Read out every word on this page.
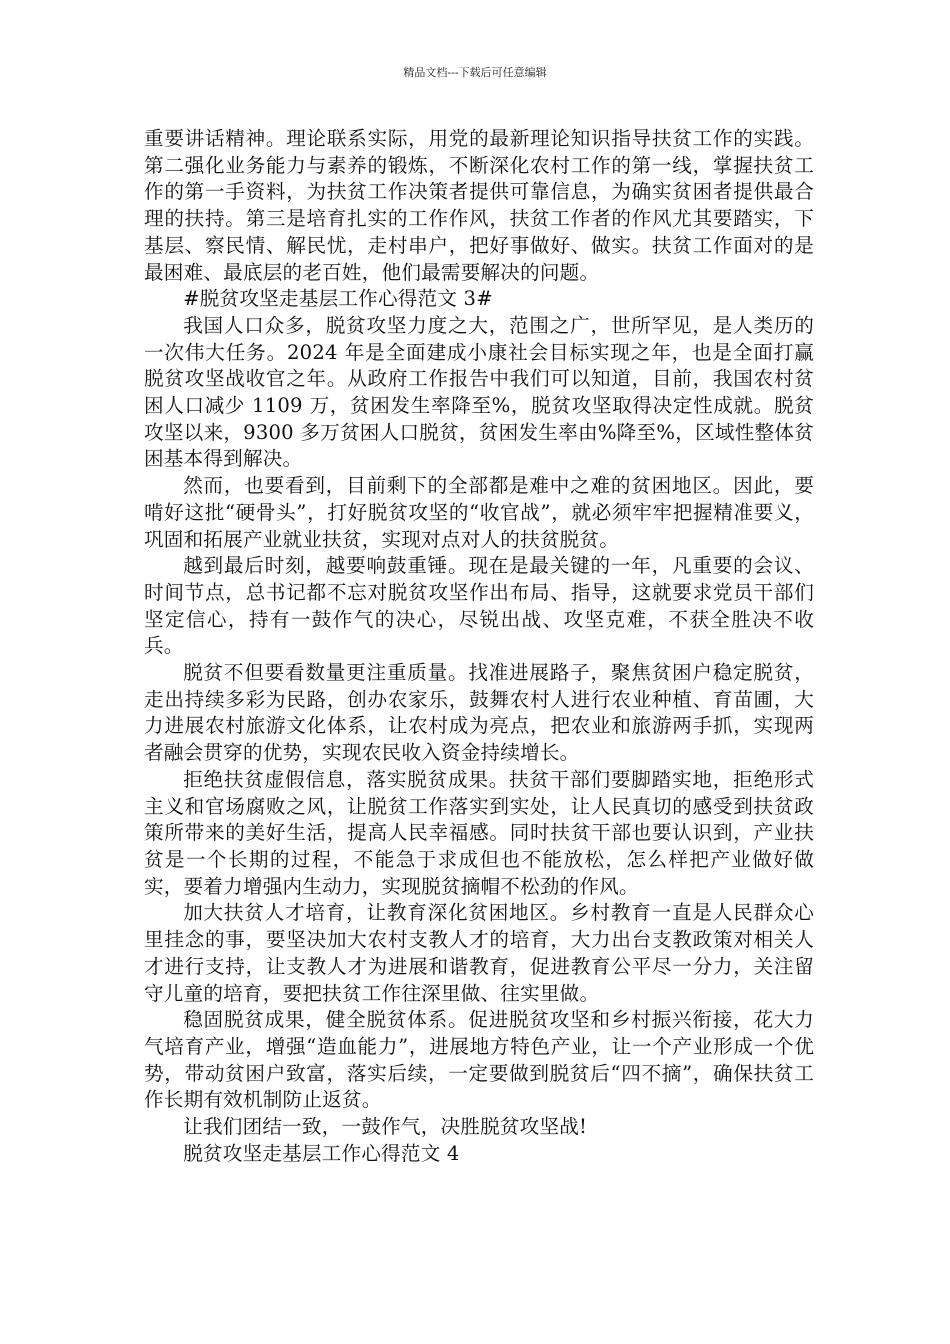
精品文档---下载后可任意编辑

重要讲话精神。理论联系实际，用党的最新理论知识指导扶贫工作的实践。第二强化业务能力与素养的锻炼，不断深化农村工作的第一线，掌握扶贫工作的第一手资料，为扶贫工作决策者提供可靠信息，为确实贫困者提供最合理的扶持。第三是培育扎实的工作作风，扶贫工作者的作风尤其要踏实，下基层、察民情、解民忧，走村串户，把好事做好、做实。扶贫工作面对的是最困难、最底层的老百姓，他们最需要解决的问题。

#脱贫攻坚走基层工作心得范文 3#

我国人口众多，脱贫攻坚力度之大，范围之广，世所罕见，是人类历的一次伟大任务。2024 年是全面建成小康社会目标实现之年，也是全面打赢脱贫攻坚战收官之年。从政府工作报告中我们可以知道，目前，我国农村贫困人口减少 1109 万，贫困发生率降至%，脱贫攻坚取得决定性成就。脱贫攻坚以来，9300 多万贫困人口脱贫，贫困发生率由%降至%，区域性整体贫困基本得到解决。

然而，也要看到，目前剩下的全部都是难中之难的贫困地区。因此，要啃好这批“硬骨头”，打好脱贫攻坚的“收官战”，就必须牢牢把握精准要义，巩固和拓展产业就业扶贫，实现对点对人的扶贫脱贫。

越到最后时刻，越要响鼓重锤。现在是最关键的一年，凡重要的会议、时间节点，总书记都不忘对脱贫攻坚作出布局、指导，这就要求党员干部们坚定信心，持有一鼓作气的决心，尽锐出战、攻坚克难，不获全胜决不收兵。

脱贫不但要看数量更注重质量。找准进展路子，聚焦贫困户稳定脱贫，走出持续多彩为民路，创办农家乐，鼓舞农村人进行农业种植、育苗圃，大力进展农村旅游文化体系，让农村成为亮点，把农业和旅游两手抓，实现两者融会贯穿的优势，实现农民收入资金持续增长。

拒绝扶贫虚假信息，落实脱贫成果。扶贫干部们要脚踏实地，拒绝形式主义和官场腐败之风，让脱贫工作落实到实处，让人民真切的感受到扶贫政策所带来的美好生活，提高人民幸福感。同时扶贫干部也要认识到，产业扶贫是一个长期的过程，不能急于求成但也不能放松，怎么样把产业做好做实，要着力增强内生动力，实现脱贫摘帽不松劲的作风。

加大扶贫人才培育，让教育深化贫困地区。乡村教育一直是人民群众心里挂念的事，要坚决加大农村支教人才的培育，大力出台支教政策对相关人才进行支持，让支教人才为进展和谐教育，促进教育公平尽一分力，关注留守儿童的培育，要把扶贫工作往深里做、往实里做。

稳固脱贫成果，健全脱贫体系。促进脱贫攻坚和乡村振兴衔接，花大力气培育产业，增强“造血能力”，进展地方特色产业，让一个产业形成一个优势，带动贫困户致富，落实后续，一定要做到脱贫后“四不摘”，确保扶贫工作长期有效机制防止返贫。

让我们团结一致，一鼓作气，决胜脱贫攻坚战!

脱贫攻坚走基层工作心得范文 4
